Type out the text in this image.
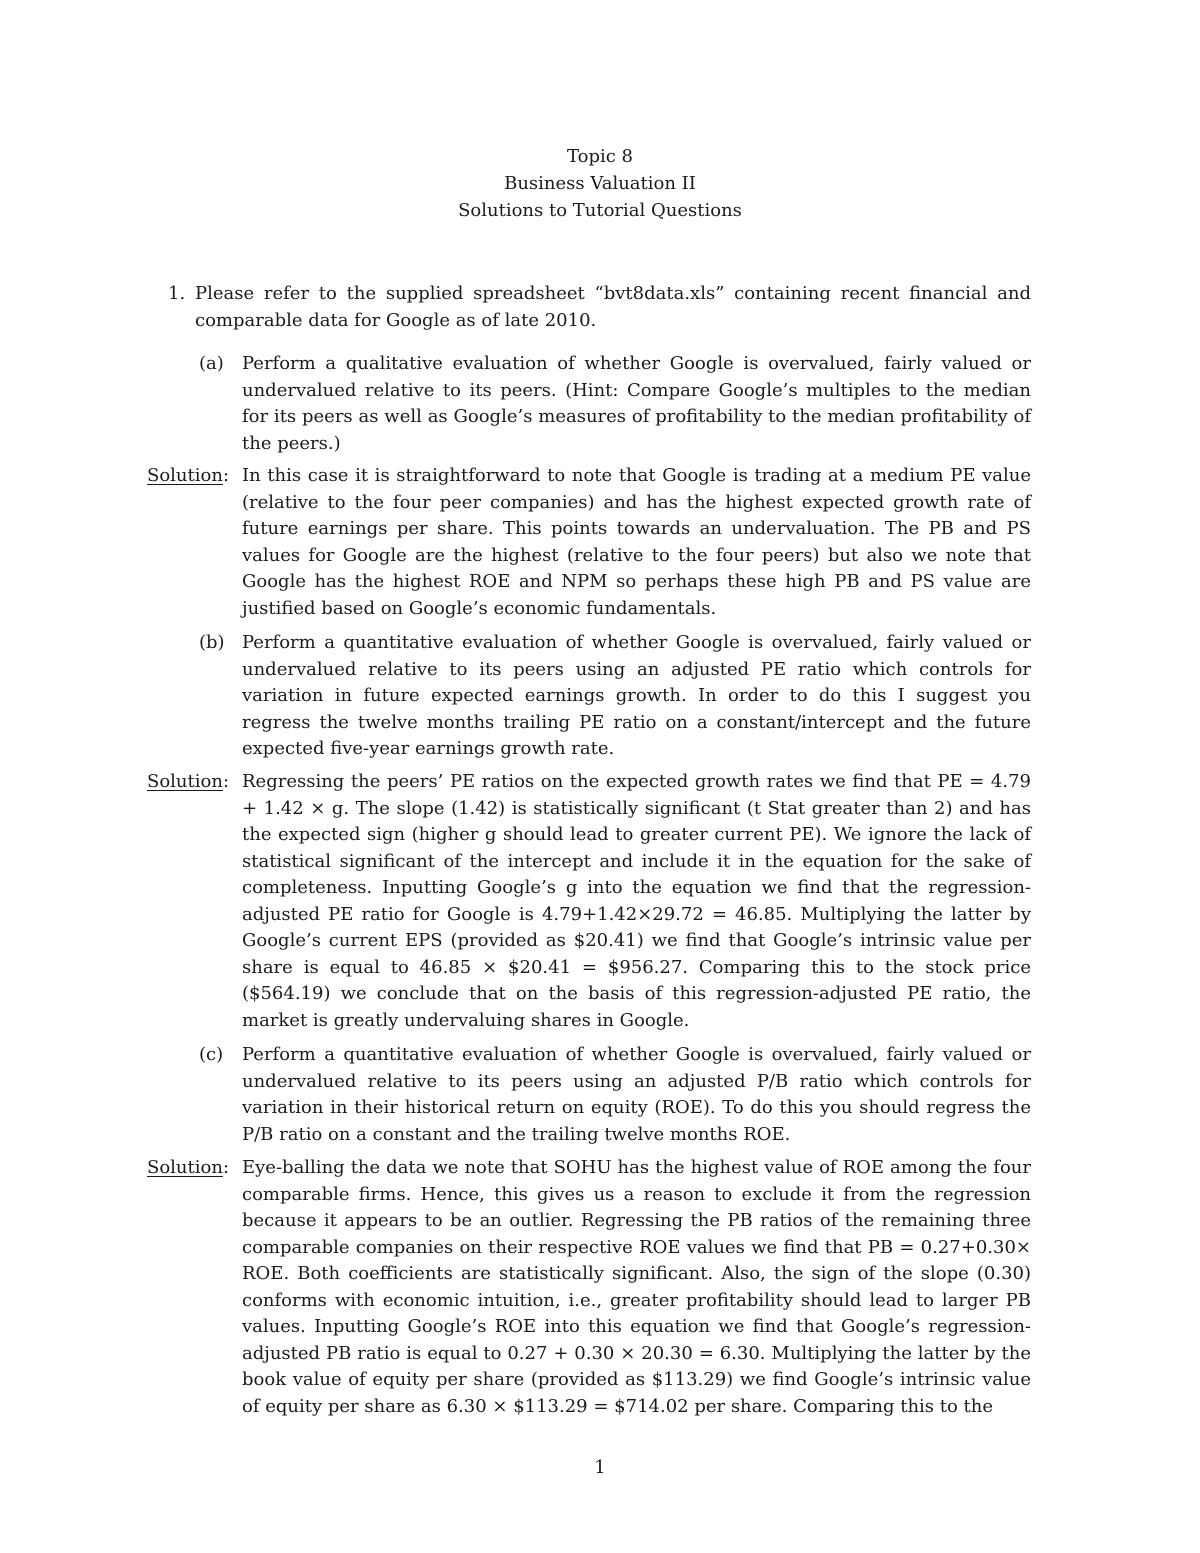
Topic 8
Business Valuation II
Solutions to Tutorial Questions
1. Please refer to the supplied spreadsheet “bvt8data.xls” containing recent financial and comparable data for Google as of late 2010.
(a)	Perform a qualitative evaluation of whether Google is overvalued, fairly valued or undervalued relative to its peers. (Hint: Compare Google’s multiples to the median for its peers as well as Google’s measures of profitability to the median profitability of the peers.)
Solution: In this case it is straightforward to note that Google is trading at a medium PE value (relative to the four peer companies) and has the highest expected growth rate of future earnings per share. This points towards an undervaluation. The PB and PS values for Google are the highest (relative to the four peers) but also we note that Google has the highest ROE and NPM so perhaps these high PB and PS value are justified based on Google’s economic fundamentals.
(b) Perform a quantitative evaluation of whether Google is overvalued, fairly valued or undervalued relative to its peers using an adjusted PE ratio which controls for variation in future expected earnings growth. In order to do this I suggest you regress the twelve months trailing PE ratio on a constant/intercept and the future expected five-year earnings growth rate.
Solution: Regressing the peers’ PE ratios on the expected growth rates we find that PE = 4.79 + 1.42 × g. The slope (1.42) is statistically significant (t Stat greater than 2) and has the expected sign (higher g should lead to greater current PE). We ignore the lack of statistical significant of the intercept and include it in the equation for the sake of completeness. Inputting Google’s g into the equation we find that the regression-adjusted PE ratio for Google is 4.79+1.42×29.72 = 46.85. Multiplying the latter by Google’s current EPS (provided as $20.41) we find that Google’s intrinsic value per share is equal to 46.85 × $20.41 = $956.27. Comparing this to the stock price ($564.19) we conclude that on the basis of this regression-adjusted PE ratio, the market is greatly undervaluing shares in Google.
(c)	Perform a quantitative evaluation of whether Google is overvalued, fairly valued or undervalued relative to its peers using an adjusted P/B ratio which controls for variation in their historical return on equity (ROE). To do this you should regress the P/B ratio on a constant and the trailing twelve months ROE.
Solution: Eye-balling the data we note that SOHU has the highest value of ROE among the four comparable firms. Hence, this gives us a reason to exclude it from the regression because it appears to be an outlier. Regressing the PB ratios of the remaining three comparable companies on their respective ROE values we find that PB = 0.27+0.30× ROE. Both coefficients are statistically significant. Also, the sign of the slope (0.30) conforms with economic intuition, i.e., greater profitability should lead to larger PB values. Inputting Google’s ROE into this equation we find that Google’s regression-adjusted PB ratio is equal to 0.27 + 0.30 × 20.30 = 6.30. Multiplying the latter by the book value of equity per share (provided as $113.29) we find Google’s intrinsic value of equity per share as 6.30 × $113.29 = $714.02 per share. Comparing this to the
1
